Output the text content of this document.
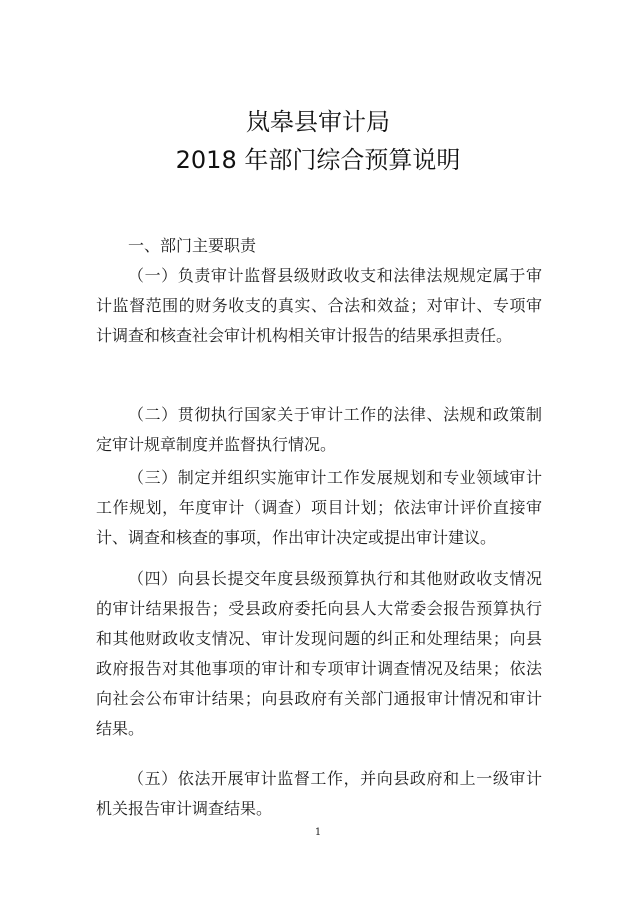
岚皋县审计局
2018 年部门综合预算说明
一、部门主要职责
（一）负责审计监督县级财政收支和法律法规规定属于审计监督范围的财务收支的真实、合法和效益；对审计、专项审计调查和核查社会审计机构相关审计报告的结果承担责任。
（二）贯彻执行国家关于审计工作的法律、法规和政策制定审计规章制度并监督执行情况。
（三）制定并组织实施审计工作发展规划和专业领域审计工作规划，年度审计（调查）项目计划；依法审计评价直接审计、调查和核查的事项，作出审计决定或提出审计建议。
（四）向县长提交年度县级预算执行和其他财政收支情况的审计结果报告；受县政府委托向县人大常委会报告预算执行和其他财政收支情况、审计发现问题的纠正和处理结果；向县政府报告对其他事项的审计和专项审计调查情况及结果；依法向社会公布审计结果；向县政府有关部门通报审计情况和审计结果。
（五）依法开展审计监督工作，并向县政府和上一级审计机关报告审计调查结果。
1
